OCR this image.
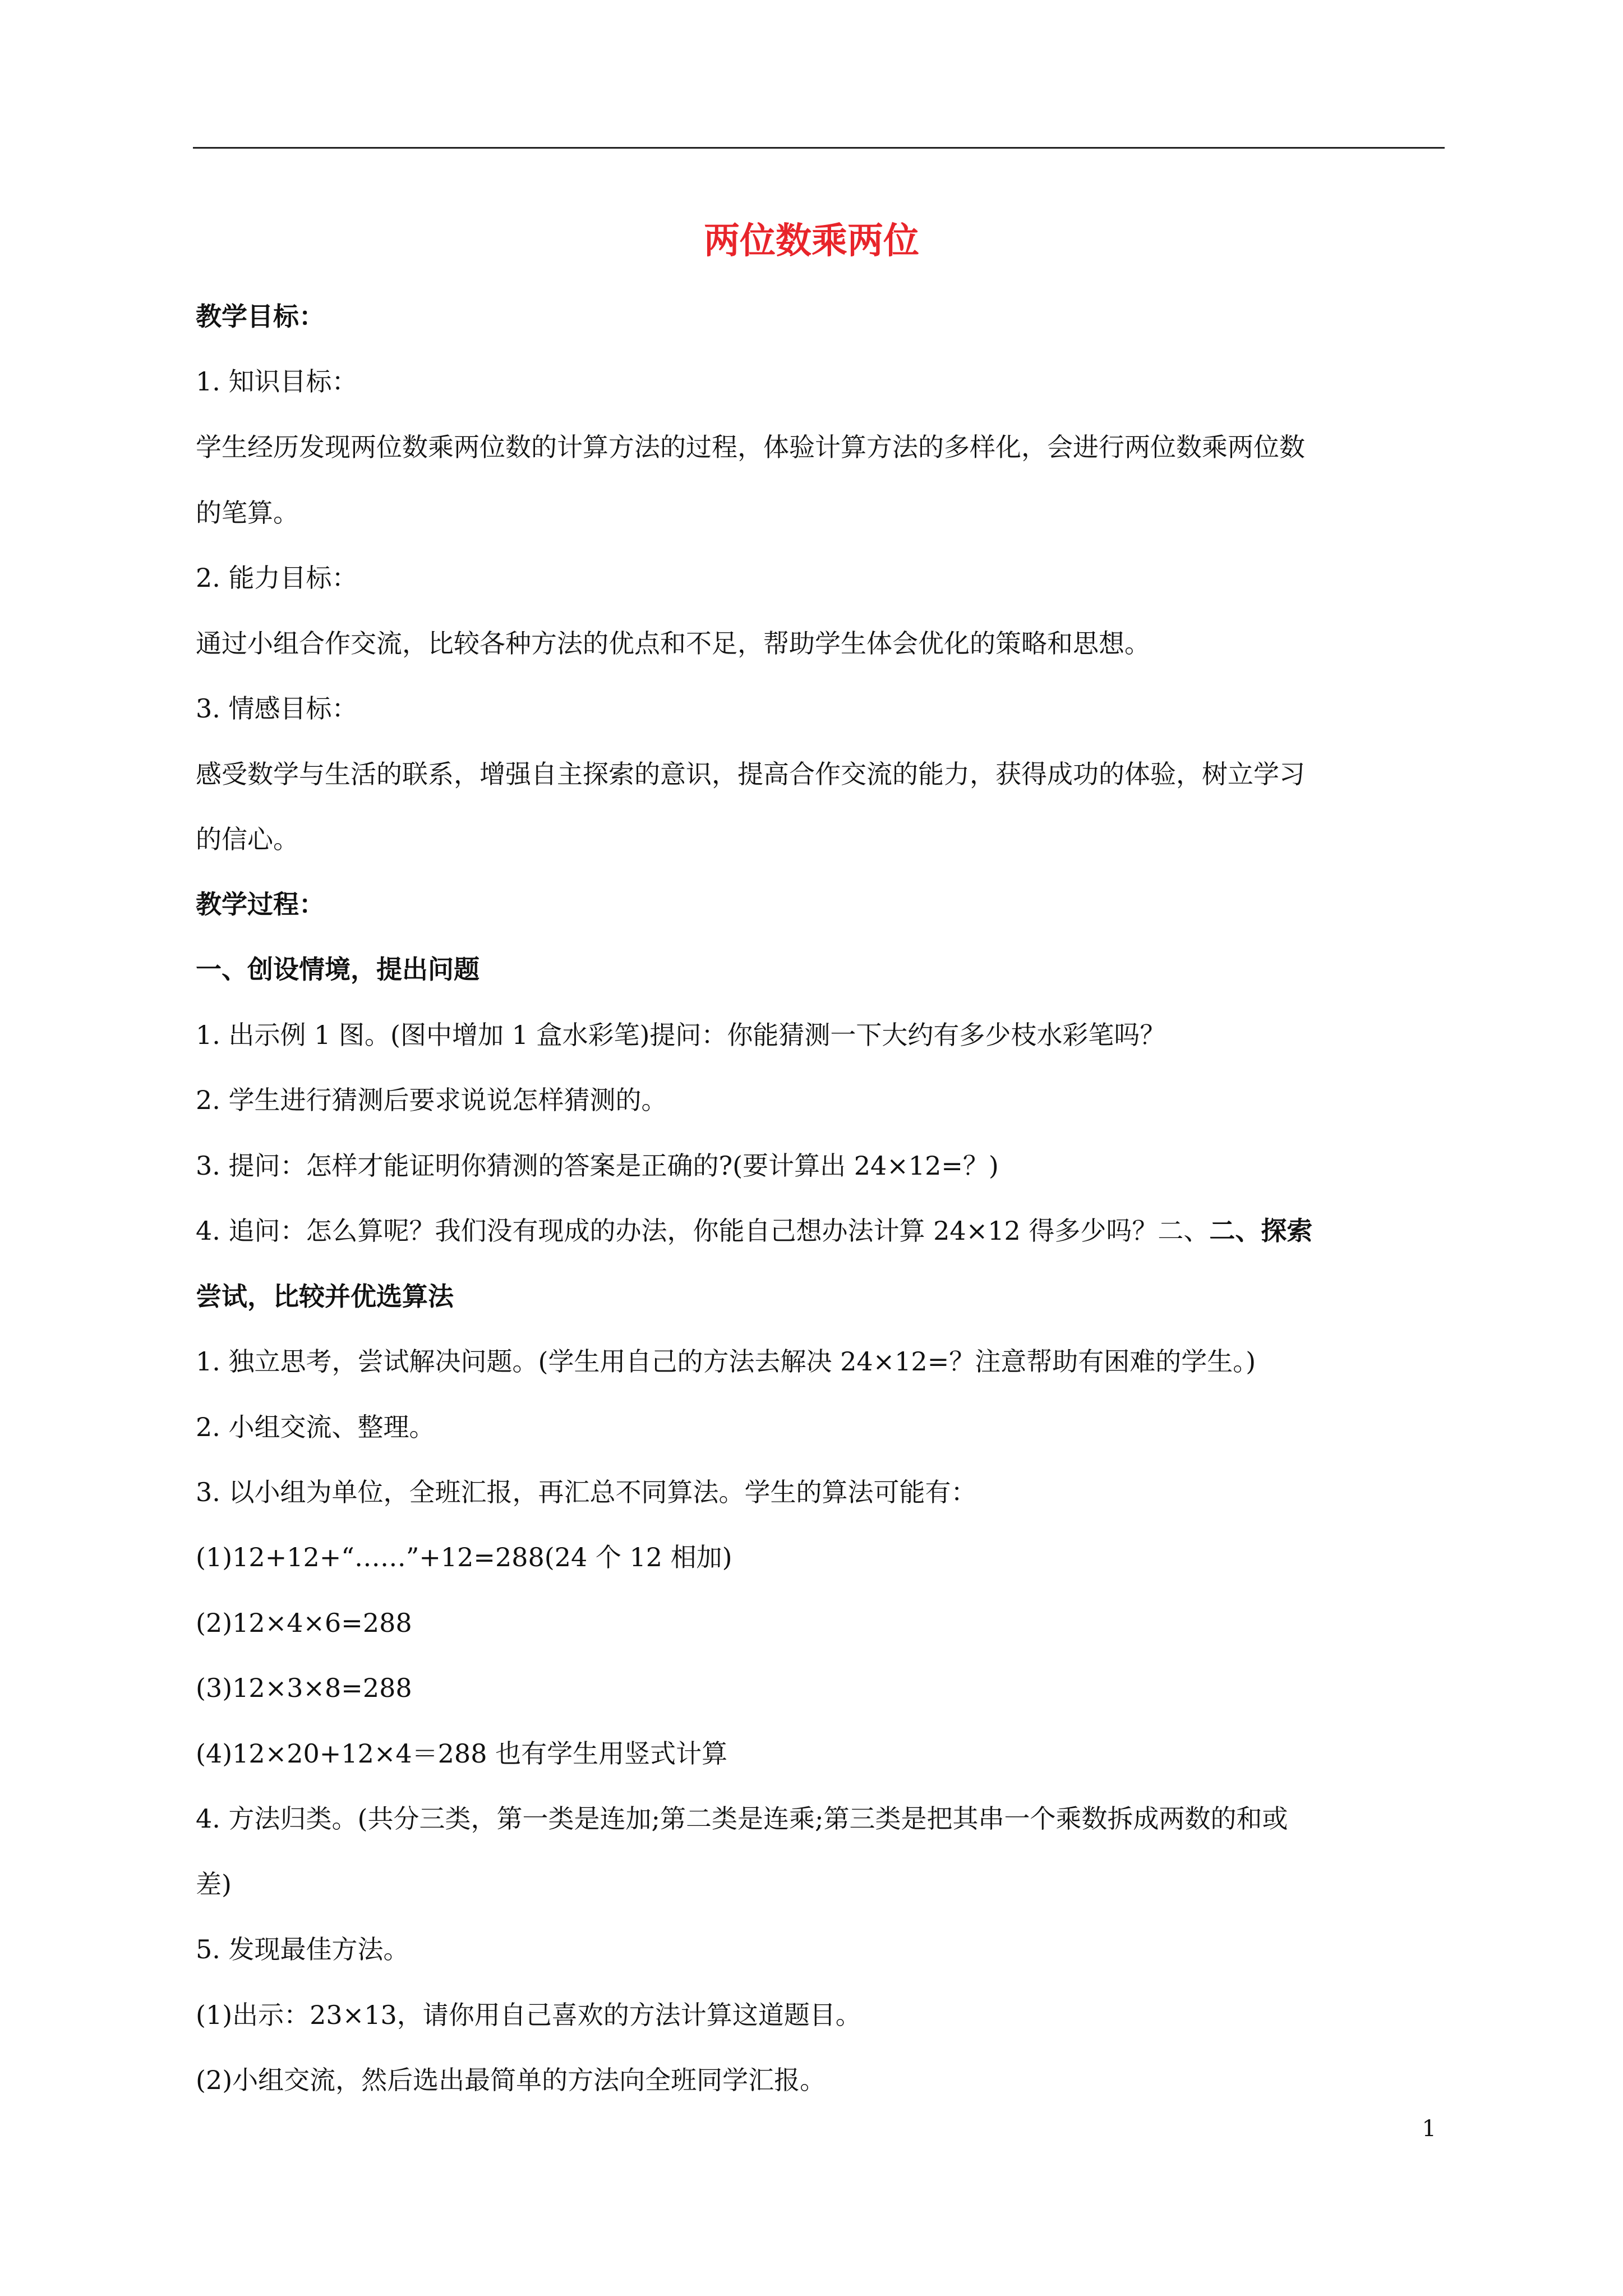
两位数乘两位

教学目标：

1. 知识目标：

学生经历发现两位数乘两位数的计算方法的过程，体验计算方法的多样化，会进行两位数乘两位数

的笔算。

2. 能力目标：

通过小组合作交流，比较各种方法的优点和不足，帮助学生体会优化的策略和思想。

3. 情感目标：

感受数学与生活的联系，增强自主探索的意识，提高合作交流的能力，获得成功的体验，树立学习

的信心。

教学过程：

一、创设情境，提出问题

1. 出示例 1 图。(图中增加 1 盒水彩笔)提问：你能猜测一下大约有多少枝水彩笔吗？

2. 学生进行猜测后要求说说怎样猜测的。

3. 提问：怎样才能证明你猜测的答案是正确的?(要计算出 24×12=？)

4. 追问：怎么算呢？我们没有现成的办法，你能自己想办法计算 24×12 得多少吗？二、二、探索

尝试，比较并优选算法

1. 独立思考，尝试解决问题。(学生用自己的方法去解决 24×12=？注意帮助有困难的学生。)

2. 小组交流、整理。

3. 以小组为单位，全班汇报，再汇总不同算法。学生的算法可能有：

(1)12+12+“……”+12=288(24 个 12 相加)

(2)12×4×6=288

(3)12×3×8=288

(4)12×20+12×4＝288 也有学生用竖式计算

4. 方法归类。(共分三类，第一类是连加;第二类是连乘;第三类是把其串一个乘数拆成两数的和或

差)

5. 发现最佳方法。

(1)出示：23×13，请你用自己喜欢的方法计算这道题目。

(2)小组交流，然后选出最简单的方法向全班同学汇报。

1
